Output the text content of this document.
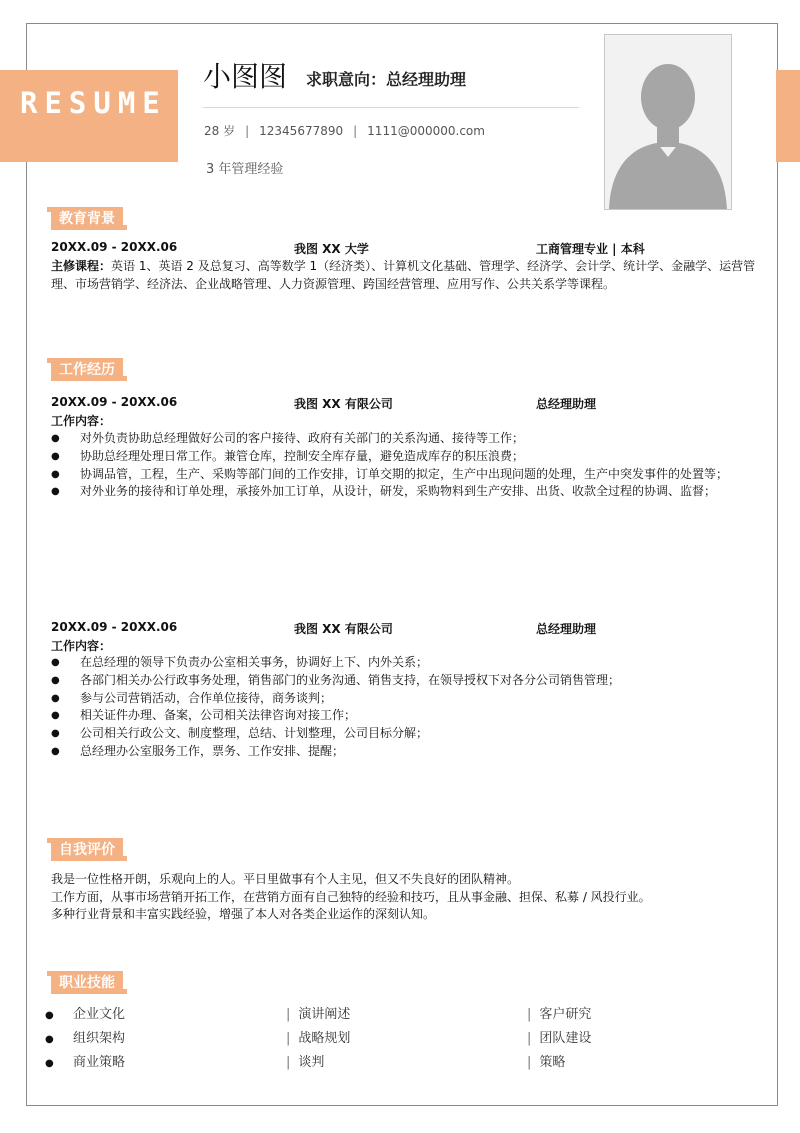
RESUME
小图图 求职意向：总经理助理
28 岁 | 12345677890 | 1111@000000.com
3 年管理经验
教育背景
20XX.09 - 20XX.06	我图 XX 大学	工商管理专业 | 本科

主修课程：英语 1、英语 2 及总复习、高等数学 1（经济类）、计算机文化基础、管理学、经济学、会计学、统计学、金融学、运营管理、市场营销学、经济法、企业战略管理、人力资源管理、跨国经营管理、应用写作、公共关系学等课程。

工作经历
20XX.09 - 20XX.06	我图 XX 有限公司	总经理助理
工作内容：
● 对外负责协助总经理做好公司的客户接待、政府有关部门的关系沟通、接待等工作；
● 协助总经理处理日常工作。兼管仓库，控制安全库存量，避免造成库存的积压浪费；
● 协调品管，工程，生产、采购等部门间的工作安排，订单交期的拟定，生产中出现问题的处理，生产中突发事件的处置等；
● 对外业务的接待和订单处理，承接外加工订单，从设计，研发，采购物料到生产安排、出货、收款全过程的协调、监督；
20XX.09 - 20XX.06	我图 XX 有限公司	总经理助理
工作内容：
● 在总经理的领导下负责办公室相关事务，协调好上下、内外关系；
● 各部门相关办公行政事务处理，销售部门的业务沟通、销售支持，在领导授权下对各分公司销售管理；
● 参与公司营销活动，合作单位接待，商务谈判；
● 相关证件办理、备案，公司相关法律咨询对接工作；
● 公司相关行政公文、制度整理，总结、计划整理，公司目标分解；
● 总经理办公室服务工作，票务、工作安排、提醒；
自我评价
我是一位性格开朗，乐观向上的人。平日里做事有个人主见，但又不失良好的团队精神。
工作方面，从事市场营销开拓工作，在营销方面有自己独特的经验和技巧，且从事金融、担保、私募 / 风投行业。
多种行业背景和丰富实践经验，增强了本人对各类企业运作的深刻认知。
职业技能
● 企业文化	| 演讲阐述	| 客户研究
● 组织架构	| 战略规划	| 团队建设
● 商业策略	| 谈判	| 策略
